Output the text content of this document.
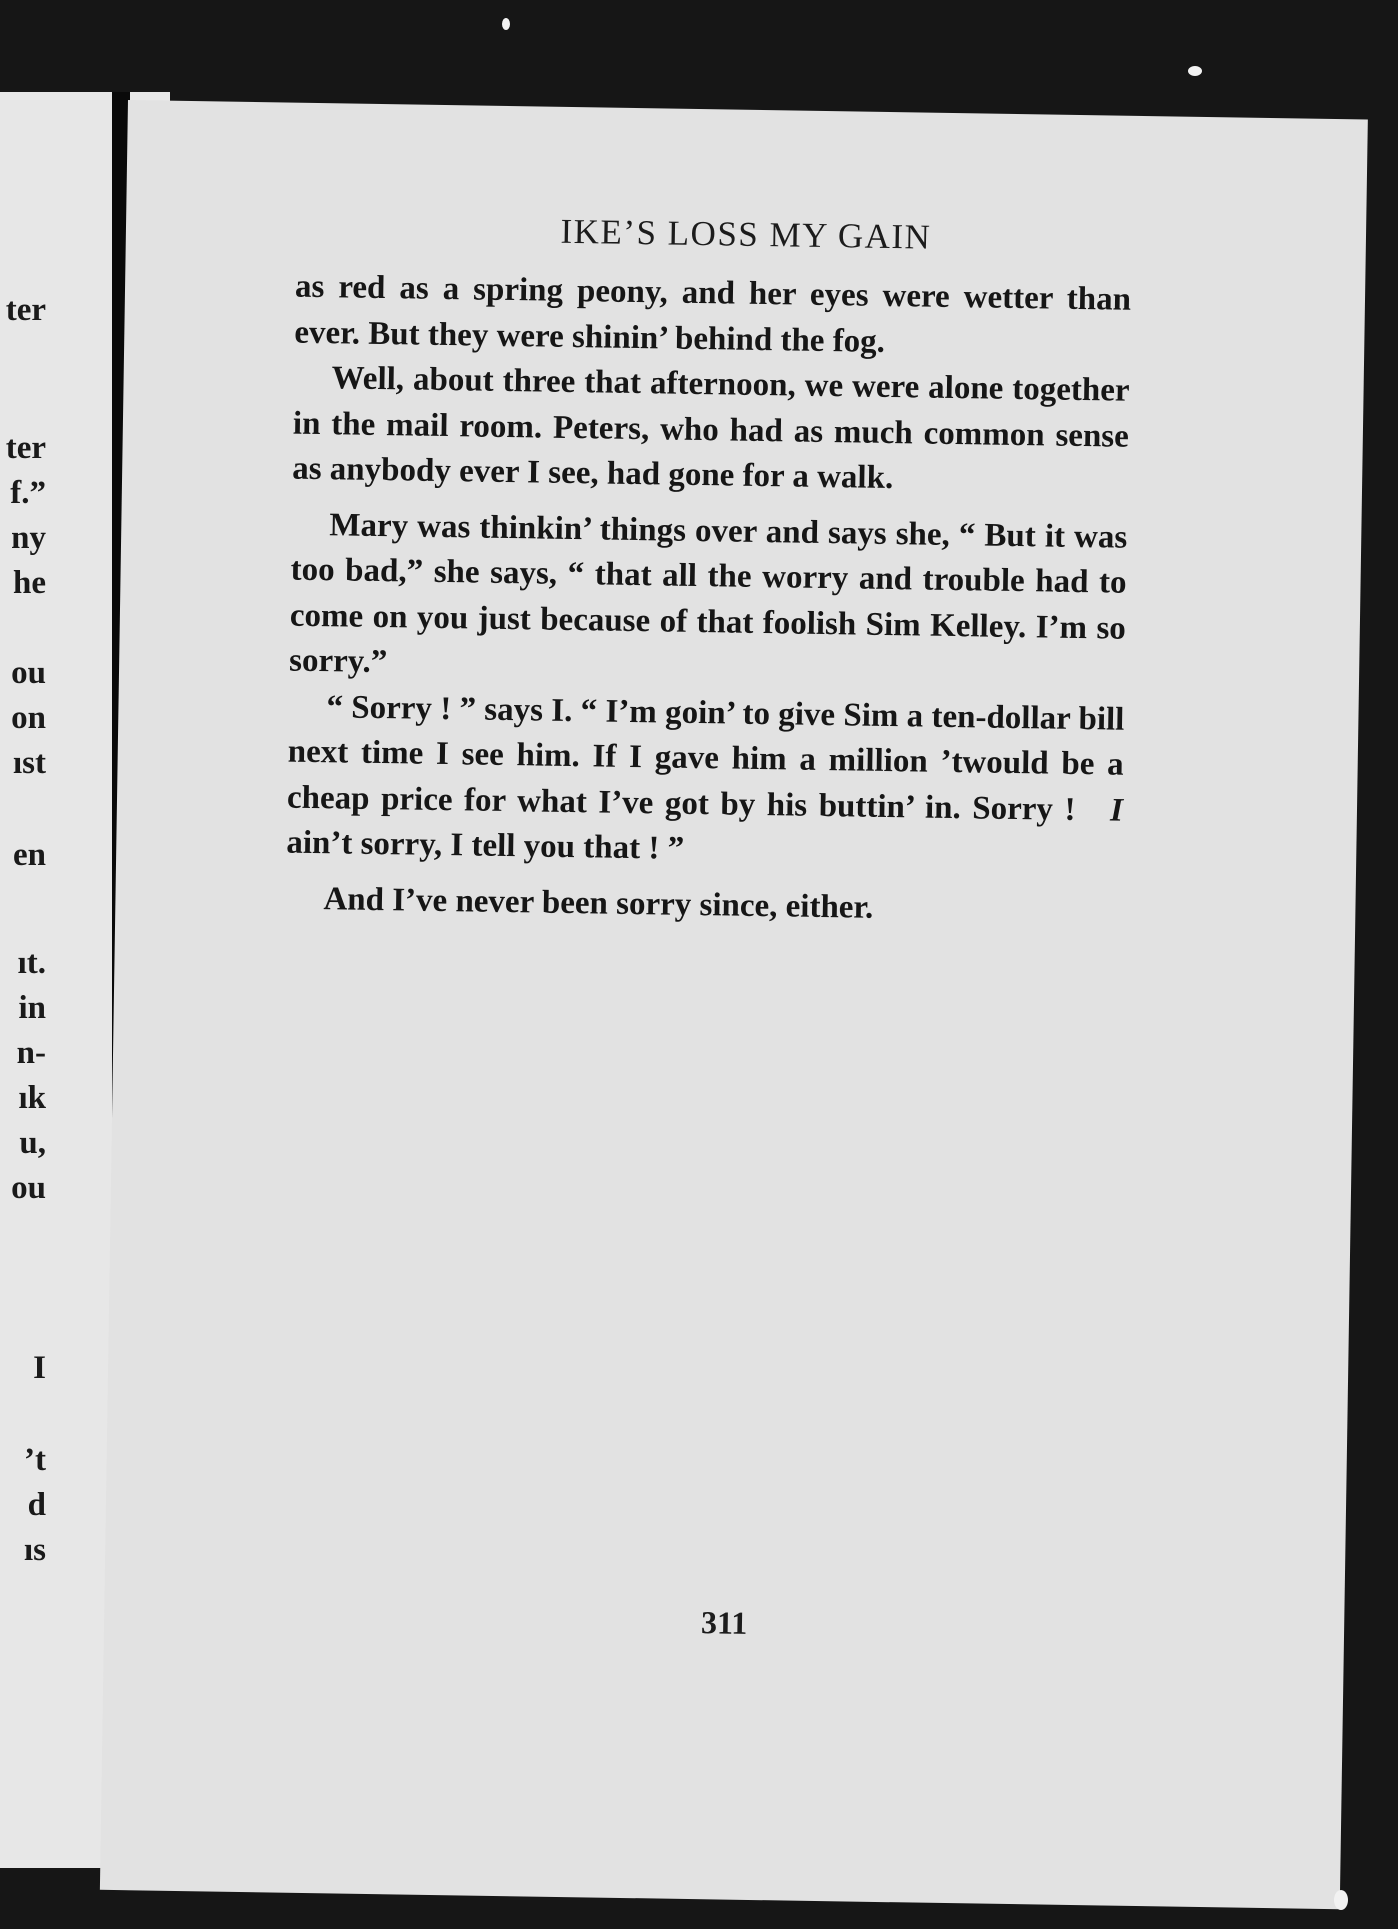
ter
ter
f.”
ny
he
ou
on
ıst
en
ıt.
in
n-
ık
u,
ou
I
’t
d
ıs
IKE’S LOSS MY GAIN

as red as a spring peony, and her eyes were wetter than ever. But they were shinin’ behind the fog.

Well, about three that afternoon, we were alone together in the mail room. Peters, who had as much common sense as anybody ever I see, had gone for a walk.

Mary was thinkin’ things over and says she, “ But it was too bad,” she says, “ that all the worry and trouble had to come on you just because of that foolish Sim Kelley. I’m so sorry.”

“ Sorry ! ” says I. “ I’m goin’ to give Sim a ten-dollar bill next time I see him. If I gave him a million ’twould be a cheap price for what I’ve got by his buttin’ in. Sorry ! I ain’t sorry, I tell you that ! ”

And I’ve never been sorry since, either.

311
